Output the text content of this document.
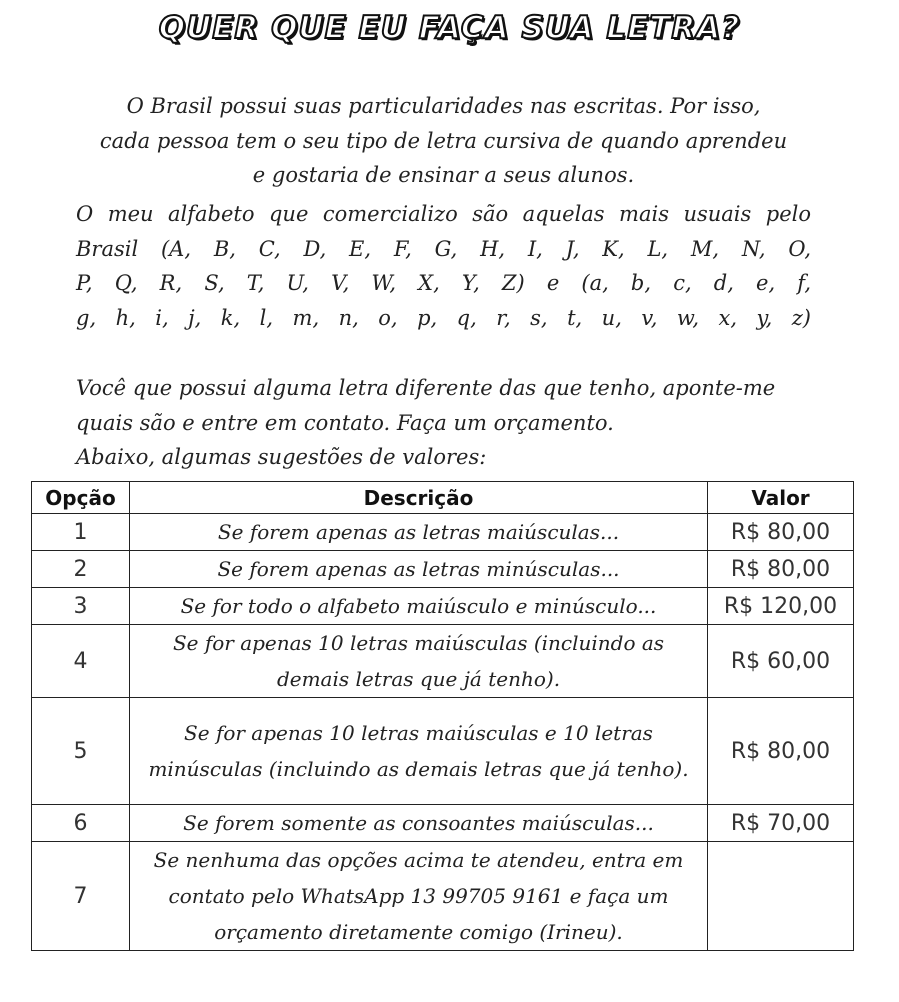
QUER QUE EU FAÇA SUA LETRA?

O Brasil possui suas particularidades nas escritas. Por isso,

cada pessoa tem o seu tipo de letra cursiva de quando aprendeu

e gostaria de ensinar a seus alunos.

O meu alfabeto que comercializo são aquelas mais usuais pelo

Brasil (A, B, C, D, E, F, G, H, I, J, K, L, M, N, O,

P, Q, R, S, T, U, V, W, X, Y, Z) e (a, b, c, d, e, f,

g, h, i, j, k, l, m, n, o, p, q, r, s, t, u, v, w, x, y, z)

Você que possui alguma letra diferente das que tenho, aponte-me

quais são e entre em contato. Faça um orçamento.

Abaixo, algumas sugestões de valores:

Opção	Descrição	Valor
1	Se forem apenas as letras maiúsculas...	R$ 80,00
2	Se forem apenas as letras minúsculas...	R$ 80,00
3	Se for todo o alfabeto maiúsculo e minúsculo...	R$ 120,00
4	Se for apenas 10 letras maiúsculas (incluindo as demais letras que já tenho).	R$ 60,00
5	Se for apenas 10 letras maiúsculas e 10 letras minúsculas (incluindo as demais letras que já tenho).	R$ 80,00
6	Se forem somente as consoantes maiúsculas...	R$ 70,00
7	Se nenhuma das opções acima te atendeu, entra em contato pelo WhatsApp 13 99705 9161 e faça um orçamento diretamente comigo (Irineu).	
